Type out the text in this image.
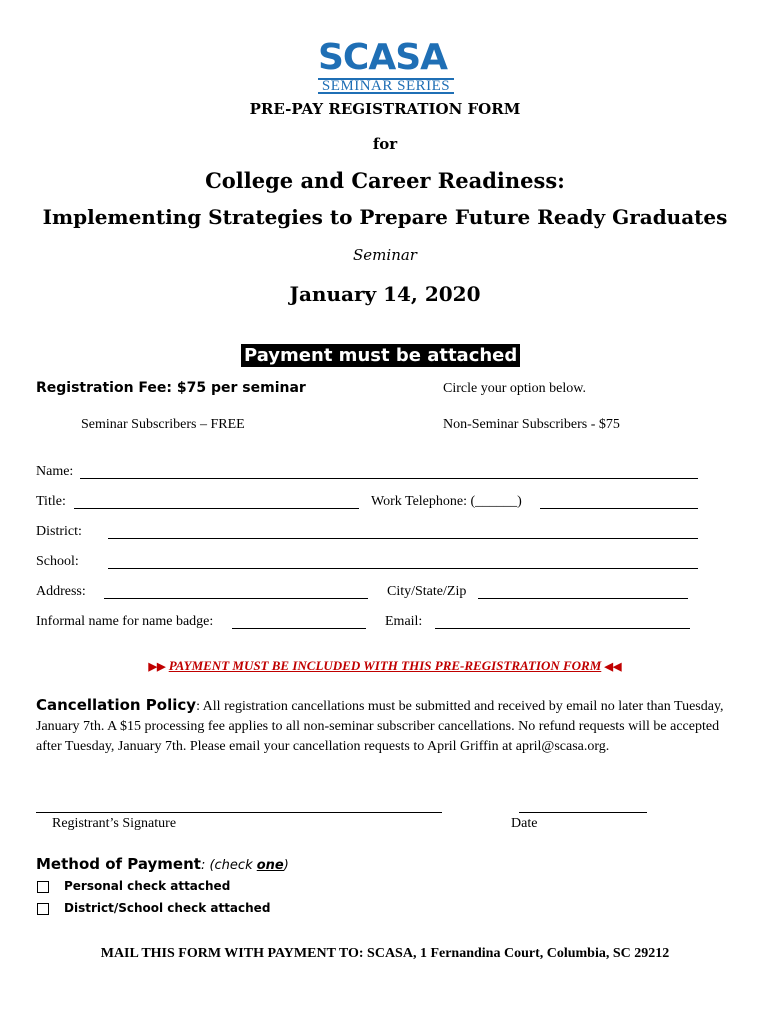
SCASA
SEMINAR SERIES
PRE-PAY REGISTRATION FORM
for
College and Career Readiness:
Implementing Strategies to Prepare Future Ready Graduates
Seminar
January 14, 2020
Payment must be attached
Registration Fee: $75 per seminar	Circle your option below.
Seminar Subscribers – FREE	Non-Seminar Subscribers - $75
Name:
Title:	Work Telephone: (______)
District:
School:
Address:	City/State/Zip
Informal name for name badge:	Email:
▶▶ PAYMENT MUST BE INCLUDED WITH THIS PRE-REGISTRATION FORM ◀◀
Cancellation Policy: All registration cancellations must be submitted and received by email no later than Tuesday, January 7th. A $15 processing fee applies to all non-seminar subscriber cancellations. No refund requests will be accepted after Tuesday, January 7th. Please email your cancellation requests to April Griffin at april@scasa.org.
Registrant’s Signature	Date
Method of Payment: (check one)
Personal check attached
District/School check attached
MAIL THIS FORM WITH PAYMENT TO: SCASA, 1 Fernandina Court, Columbia, SC 29212
